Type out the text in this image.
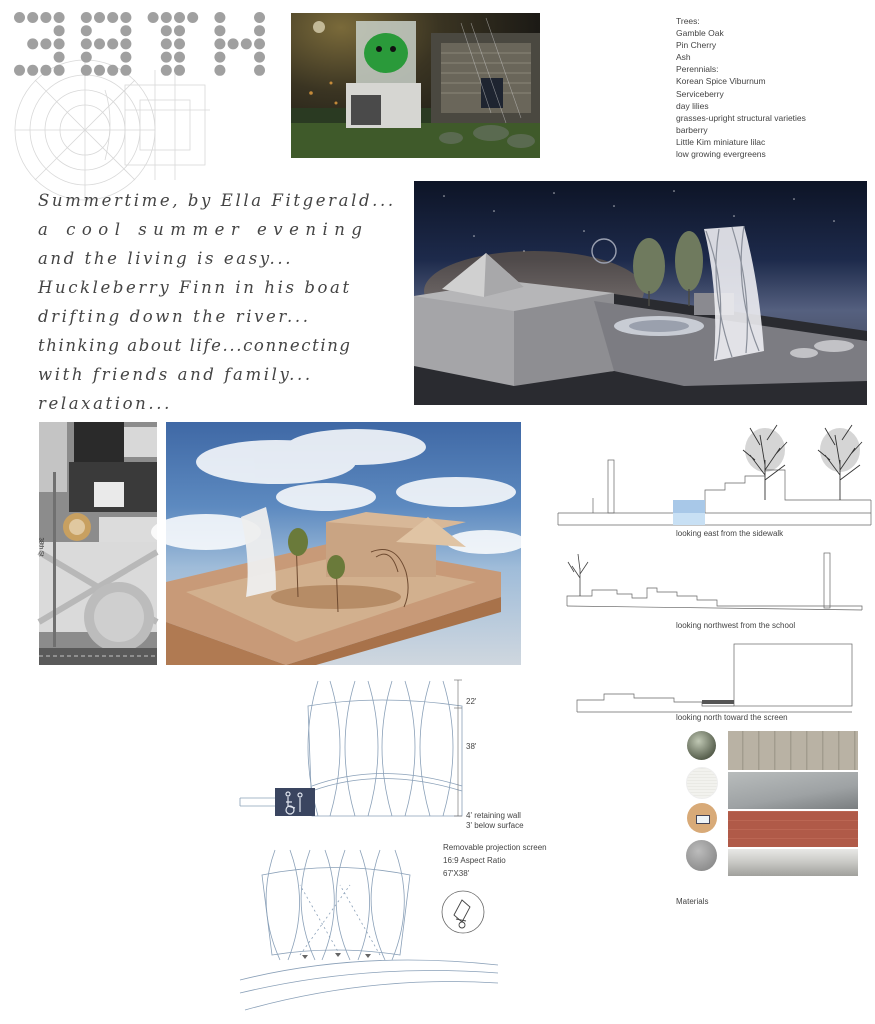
Trees:
Gamble Oak
Pin Cherry
Ash
Perennials:
Korean Spice Viburnum
Serviceberry
day lilies
grasses-upright structural varieties
barberry
Little Kim miniature lilac
low growing evergreens
Summertime, by Ella Fitgerald...
a cool summer evening
and the living is easy...
Huckleberry Finn in his boat
drifting down the river...
thinking about life...connecting
with friends and family...
relaxation...
38th St
looking east from the sidewalk
looking northwest from the school
looking north toward the screen
Materials
22'
38'
4' retaining wall
3' below surface
Removable projection screen
16:9 Aspect Ratio
67'X38'
